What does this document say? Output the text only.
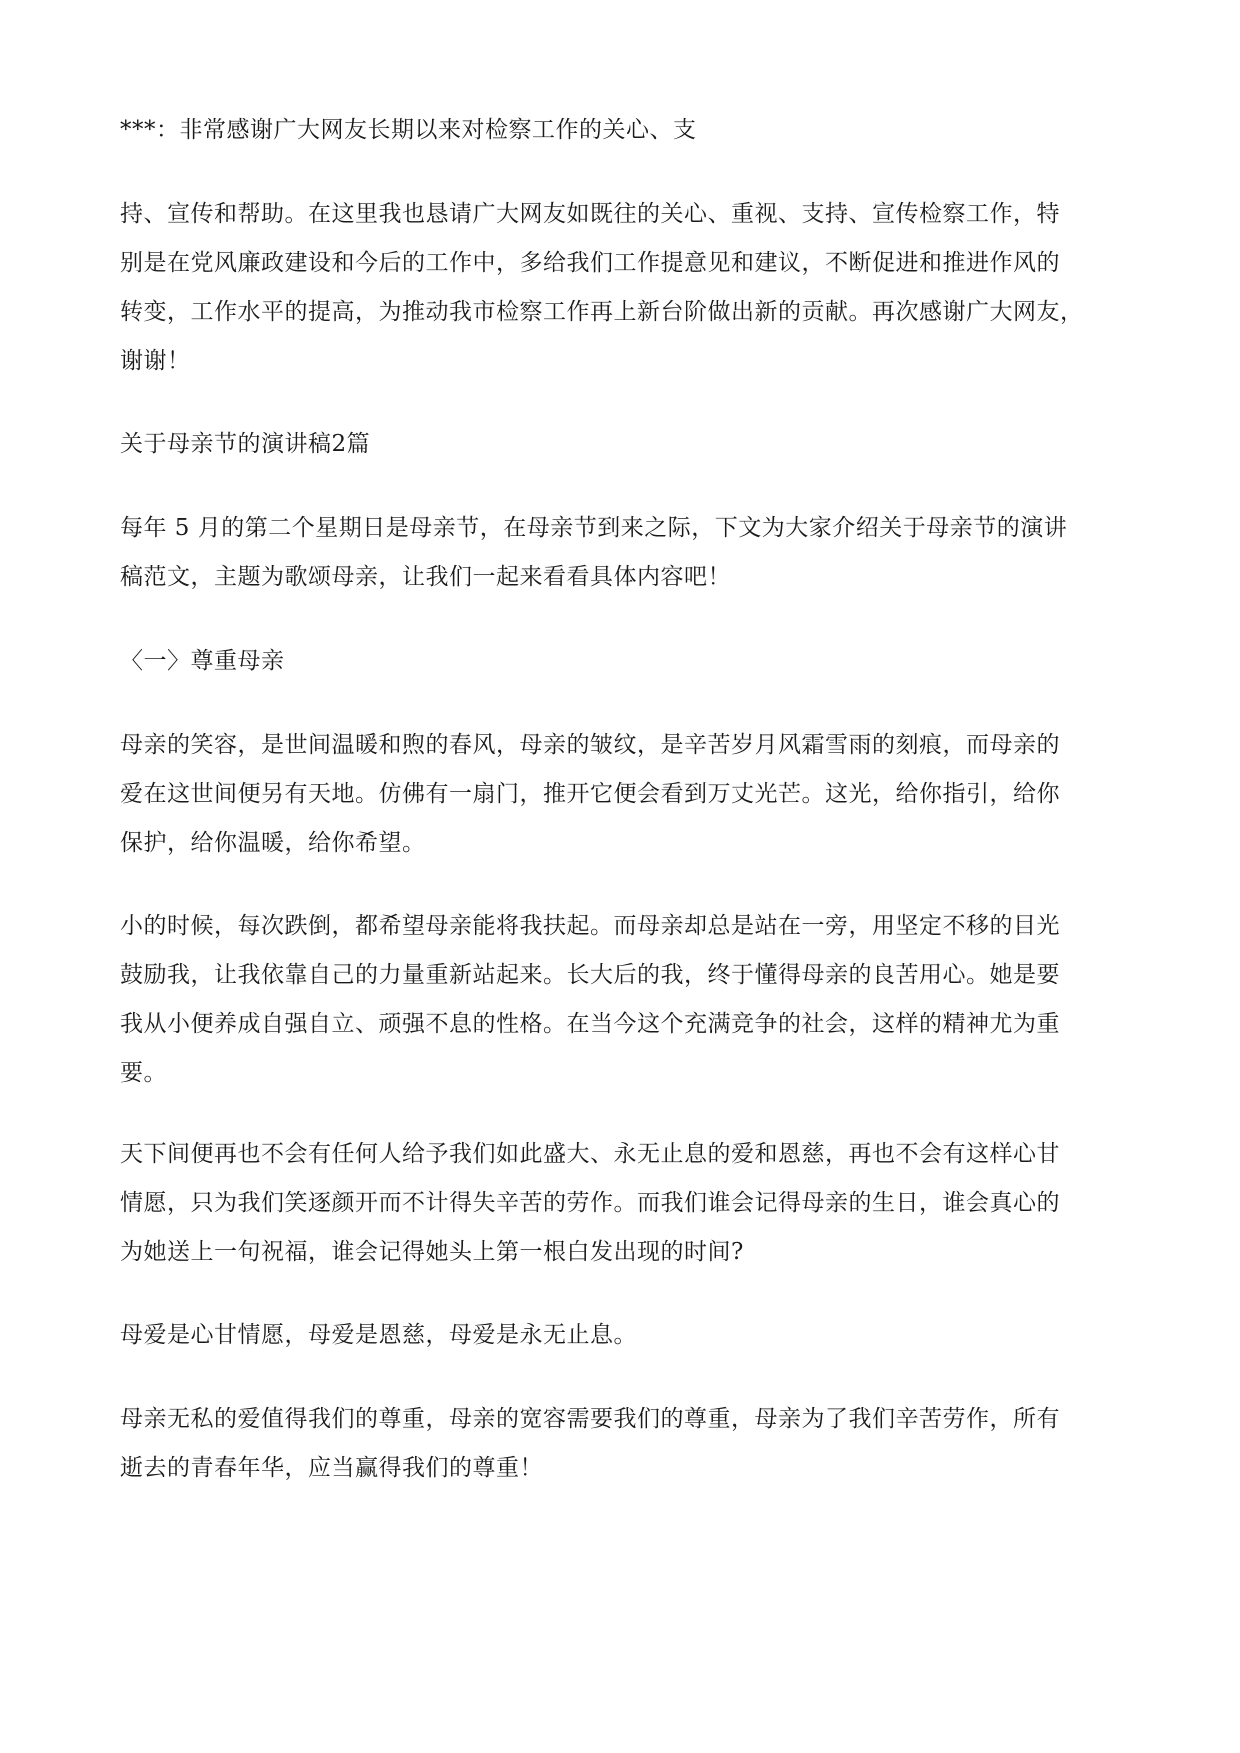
***：非常感谢广大网友长期以来对检察工作的关心、支

持、宣传和帮助。在这里我也恳请广大网友如既往的关心、重视、支持、宣传检察工作，特
别是在党风廉政建设和今后的工作中，多给我们工作提意见和建议，不断促进和推进作风的
转变，工作水平的提高，为推动我市检察工作再上新台阶做出新的贡献。再次感谢广大网友，
谢谢！

关于母亲节的演讲稿2篇

每年 5 月的第二个星期日是母亲节，在母亲节到来之际，下文为大家介绍关于母亲节的演讲
稿范文，主题为歌颂母亲，让我们一起来看看具体内容吧！

〈一〉尊重母亲

母亲的笑容，是世间温暖和煦的春风，母亲的皱纹，是辛苦岁月风霜雪雨的刻痕，而母亲的
爱在这世间便另有天地。仿佛有一扇门，推开它便会看到万丈光芒。这光，给你指引，给你
保护，给你温暖，给你希望。

小的时候，每次跌倒，都希望母亲能将我扶起。而母亲却总是站在一旁，用坚定不移的目光
鼓励我，让我依靠自己的力量重新站起来。长大后的我，终于懂得母亲的良苦用心。她是要
我从小便养成自强自立、顽强不息的性格。在当今这个充满竞争的社会，这样的精神尤为重
要。

天下间便再也不会有任何人给予我们如此盛大、永无止息的爱和恩慈，再也不会有这样心甘
情愿，只为我们笑逐颜开而不计得失辛苦的劳作。而我们谁会记得母亲的生日，谁会真心的
为她送上一句祝福，谁会记得她头上第一根白发出现的时间?

母爱是心甘情愿，母爱是恩慈，母爱是永无止息。

母亲无私的爱值得我们的尊重，母亲的宽容需要我们的尊重，母亲为了我们辛苦劳作，所有
逝去的青春年华，应当赢得我们的尊重！
